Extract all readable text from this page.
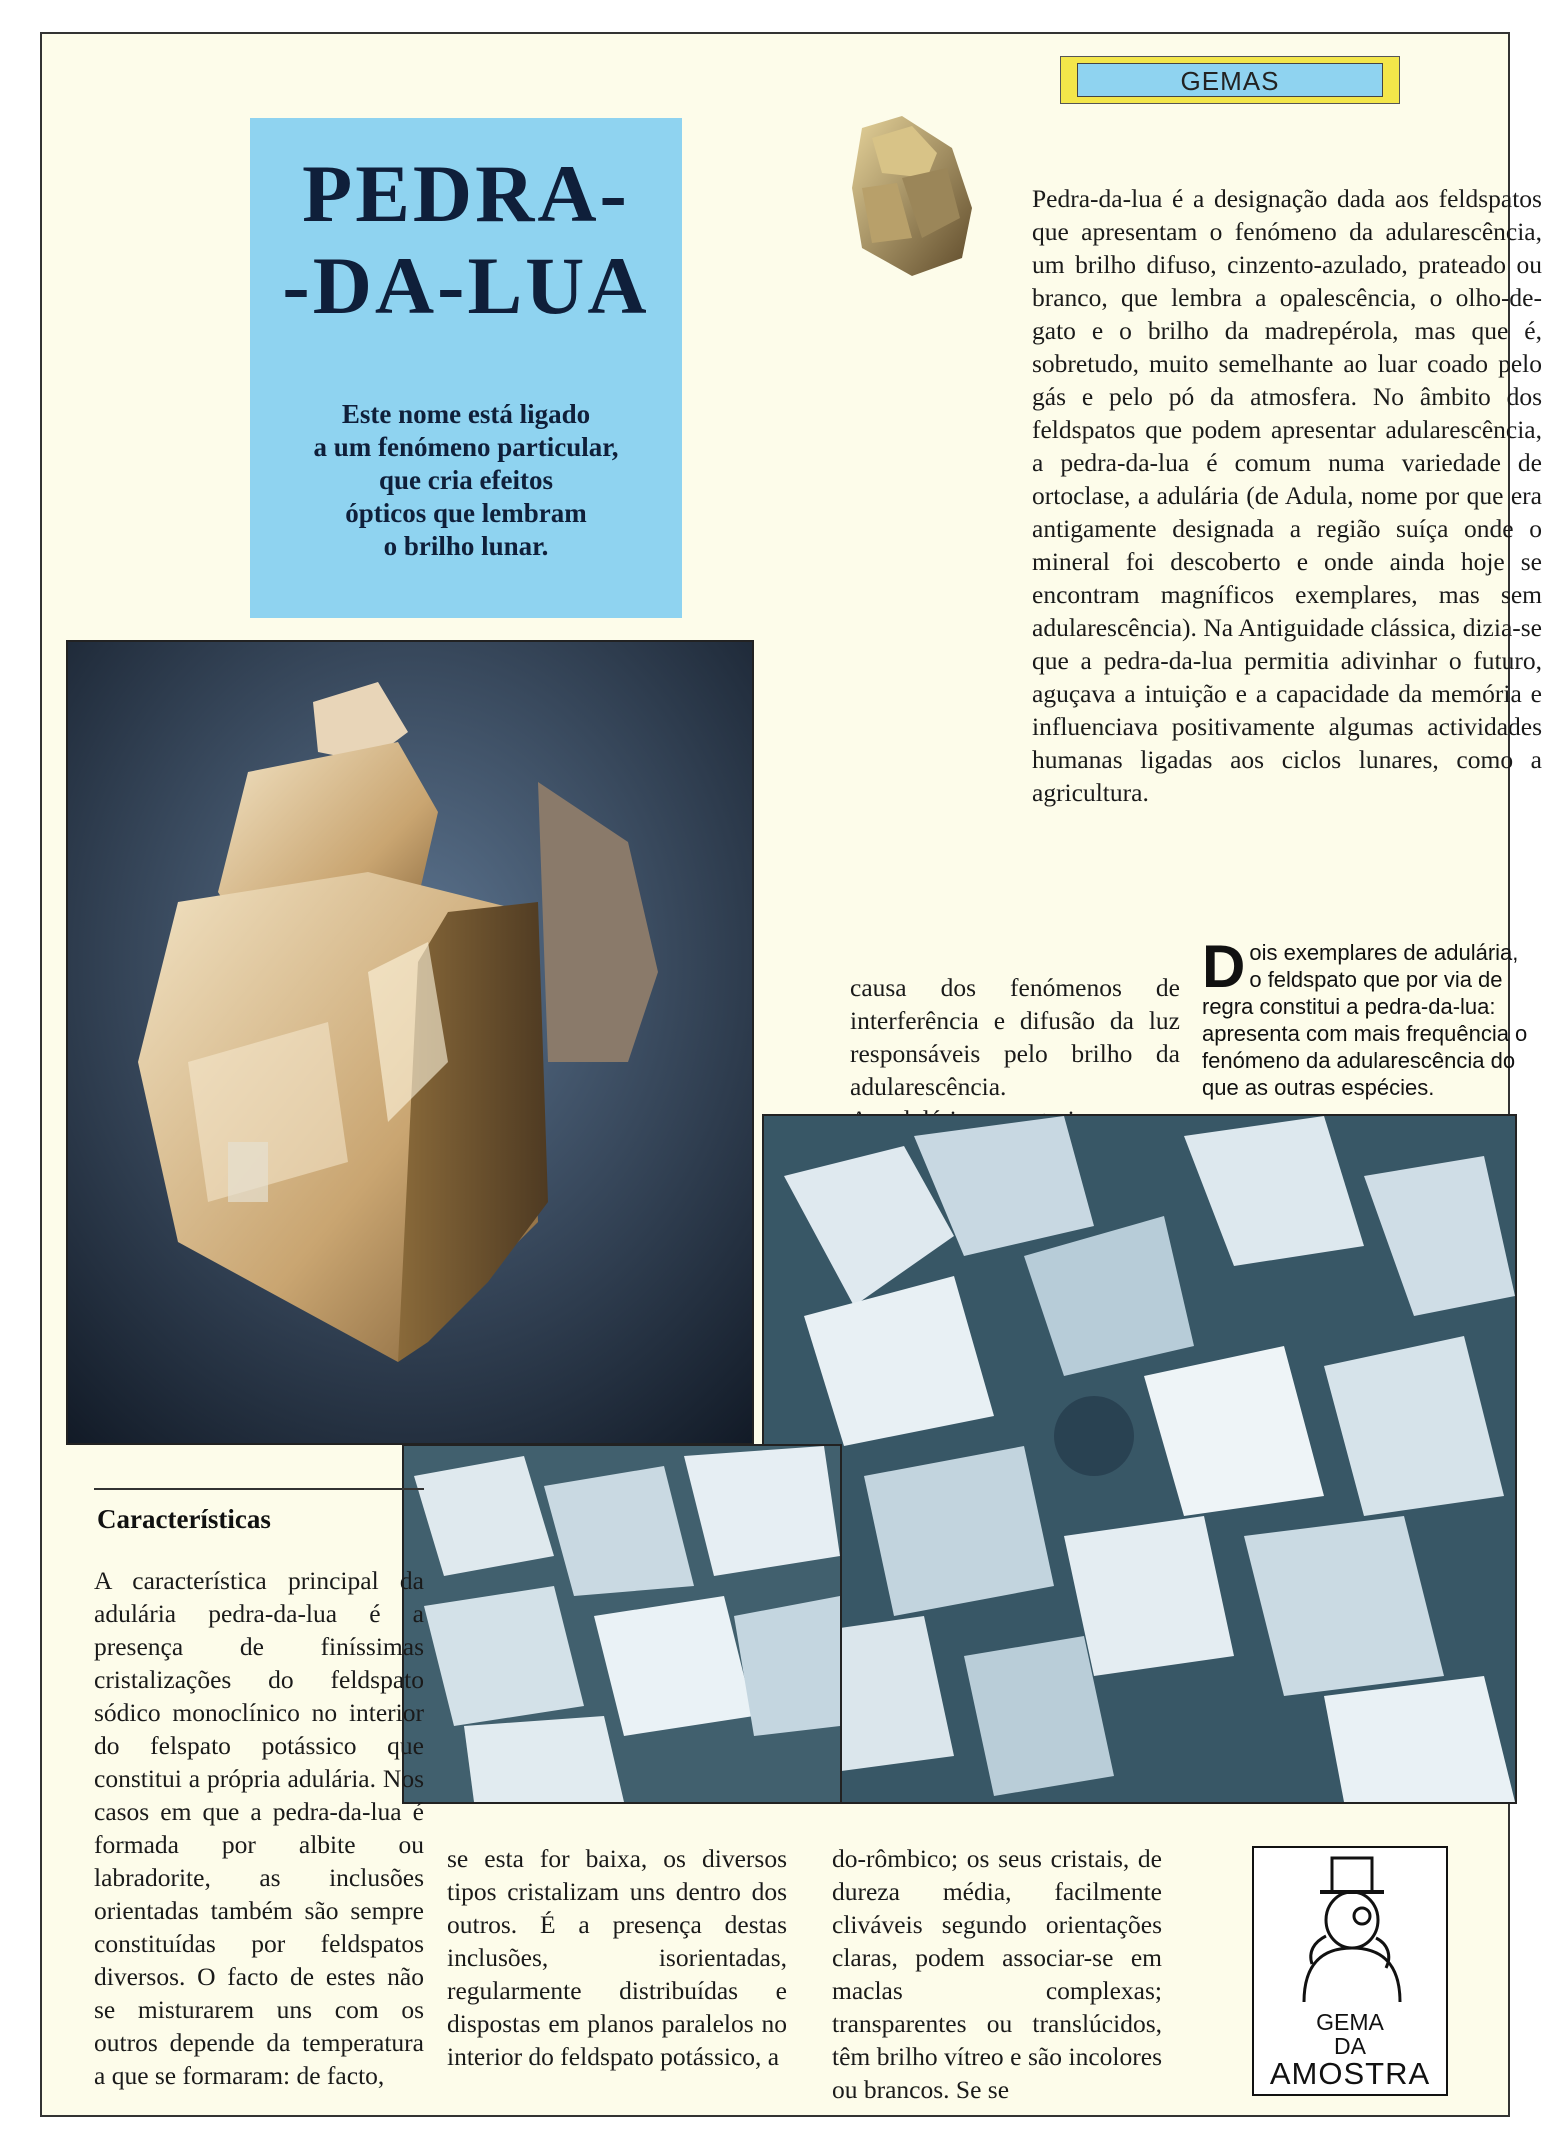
GEMAS
PEDRA-
-DA-LUA
Este nome está ligado
a um fenómeno particular,
que cria efeitos
ópticos que lembram
o brilho lunar.

Pedra-da-lua é a designação dada aos feldspatos que apresentam o fenómeno da adularescência, um brilho difuso, cinzento-azulado, prateado ou branco, que lembra a opalescência, o olho-de-gato e o brilho da madrepérola, mas que é, sobretudo, muito semelhante ao luar coado pelo gás e pelo pó da atmosfera. No âmbito dos feldspatos que podem apresentar adularescência, a pedra-da-lua é comum numa variedade de ortoclase, a adulária (de Adula, nome por que era antigamente designada a região suíça onde o mineral foi descoberto e onde ainda hoje se encontram magníficos exemplares, mas sem adularescência). Na Antiguidade clássica, dizia-se que a pedra-da-lua permitia adivinhar o futuro, aguçava a intuição e a capacidade da memória e influenciava positivamente algumas actividades humanas ligadas aos ciclos lunares, como a agricultura.

causa dos fenómenos de interferência e difusão da luz responsáveis pelo brilho da adularescência.

Dois exemplares de adulária, o feldspato que por via de regra constitui a pedra-da-lua: apresenta com mais frequência o fenómeno da adularescência do que as outras espécies.
Características

A característica principal da adulária pedra-da-lua é a presença de finíssimas cristalizações do feldspato sódico monoclínico no interior do felspato potássico que constitui a própria adulária. Nos casos em que a pedra-da-lua é formada por albite ou labradorite, as inclusões orientadas também são sempre constituídas por feldspatos diversos. O facto de estes não se misturarem uns com os outros depende da temperatura a que se formaram: de facto,

se esta for baixa, os diversos tipos cristalizam uns dentro dos outros. É a presença destas inclusões, isorientadas, regularmente distribuídas e dispostas em planos paralelos no interior do feldspato potássico, a

do-rômbico; os seus cristais, de dureza média, facilmente cliváveis segundo orientações claras, podem associar-se em maclas complexas; transparentes ou translúcidos, têm brilho vítreo e são incolores ou brancos. Se se

GEMA
DA
AMOSTRA
